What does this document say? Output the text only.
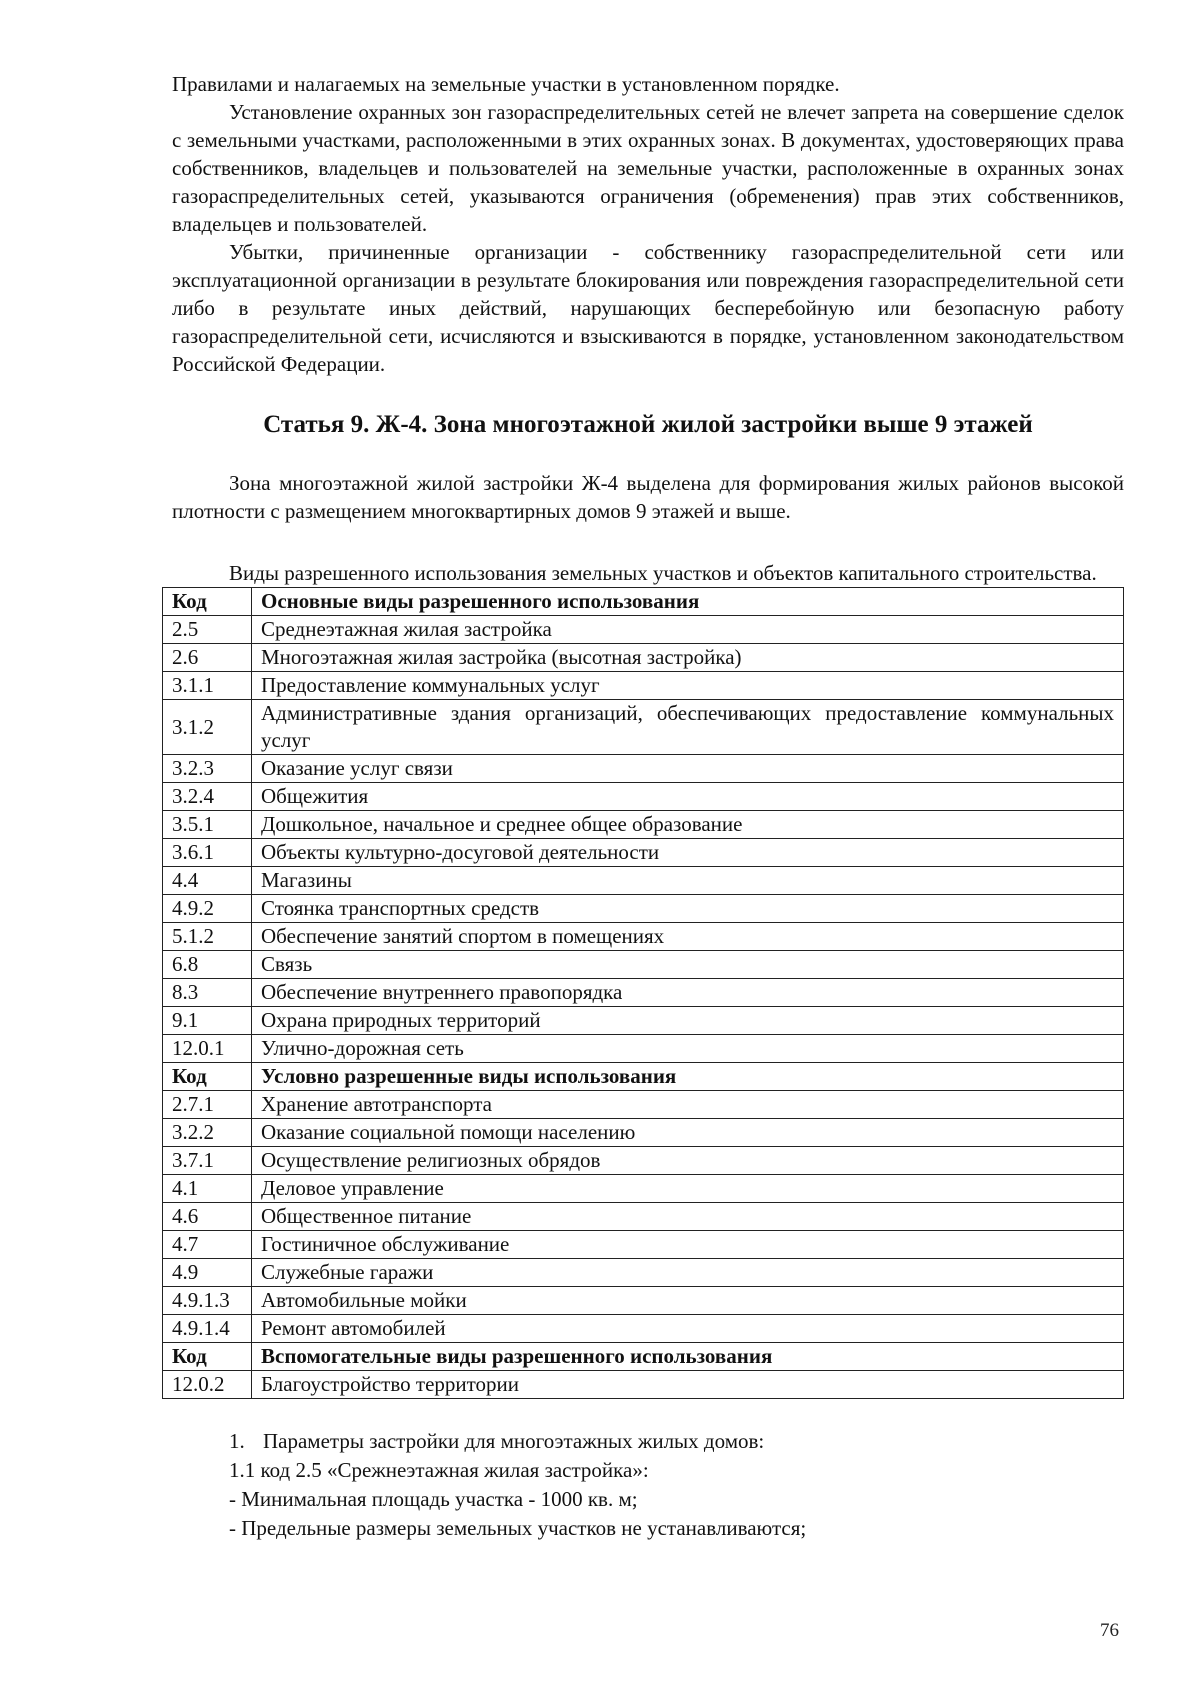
Правилами и налагаемых на земельные участки в установленном порядке.

Установление охранных зон газораспределительных сетей не влечет запрета на совершение сделок с земельными участками, расположенными в этих охранных зонах. В документах, удостоверяющих права собственников, владельцев и пользователей на земельные участки, расположенные в охранных зонах газораспределительных сетей, указываются ограничения (обременения) прав этих собственников, владельцев и пользователей.

Убытки, причиненные организации - собственнику газораспределительной сети или эксплуатационной организации в результате блокирования или повреждения газораспределительной сети либо в результате иных действий, нарушающих бесперебойную или безопасную работу газораспределительной сети, исчисляются и взыскиваются в порядке, установленном законодательством Российской Федерации.

Статья 9. Ж-4. Зона многоэтажной жилой застройки выше 9 этажей

Зона многоэтажной жилой застройки Ж-4 выделена для формирования жилых районов высокой плотности с размещением многоквартирных домов 9 этажей и выше.

Виды разрешенного использования земельных участков и объектов капитального строительства.

Код	Основные виды разрешенного использования
2.5	Среднеэтажная жилая застройка
2.6	Многоэтажная жилая застройка (высотная застройка)
3.1.1	Предоставление коммунальных услуг
3.1.2	Административные здания организаций, обеспечивающих предоставление коммунальных услуг
3.2.3	Оказание услуг связи
3.2.4	Общежития
3.5.1	Дошкольное, начальное и среднее общее образование
3.6.1	Объекты культурно-досуговой деятельности
4.4	Магазины
4.9.2	Стоянка транспортных средств
5.1.2	Обеспечение занятий спортом в помещениях
6.8	Связь
8.3	Обеспечение внутреннего правопорядка
9.1	Охрана природных территорий
12.0.1	Улично-дорожная сеть
Код	Условно разрешенные виды использования
2.7.1	Хранение автотранспорта
3.2.2	Оказание социальной помощи населению
3.7.1	Осуществление религиозных обрядов
4.1	Деловое управление
4.6	Общественное питание
4.7	Гостиничное обслуживание
4.9	Служебные гаражи
4.9.1.3	Автомобильные мойки
4.9.1.4	Ремонт автомобилей
Код	Вспомогательные виды разрешенного использования
12.0.2	Благоустройство территории
1. Параметры застройки для многоэтажных жилых домов:
1.1 код 2.5 «Срежнеэтажная жилая застройка»:
- Минимальная площадь участка - 1000 кв. м;
- Предельные размеры земельных участков не устанавливаются;
76
